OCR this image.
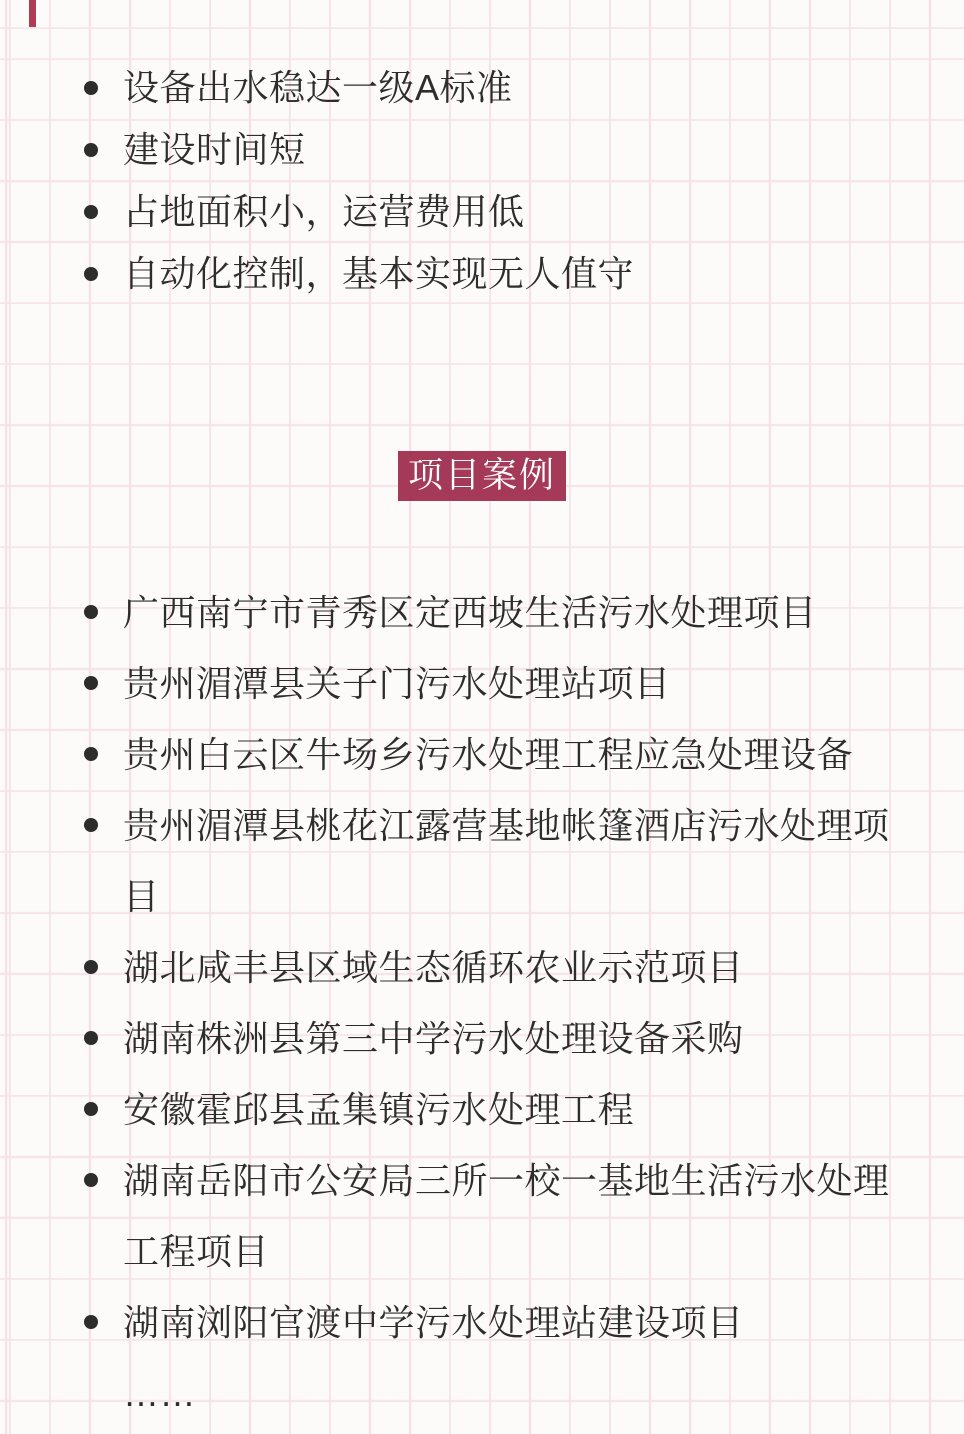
设备出水稳达一级A标准
建设时间短
占地面积小，运营费用低
自动化控制，基本实现无人值守
项目案例
广西南宁市青秀区定西坡生活污水处理项目
贵州湄潭县关子门污水处理站项目
贵州白云区牛场乡污水处理工程应急处理设备
贵州湄潭县桃花江露营基地帐篷酒店污水处理项目
湖北咸丰县区域生态循环农业示范项目
湖南株洲县第三中学污水处理设备采购
安徽霍邱县孟集镇污水处理工程
湖南岳阳市公安局三所一校一基地生活污水处理工程项目
湖南浏阳官渡中学污水处理站建设项目
……
